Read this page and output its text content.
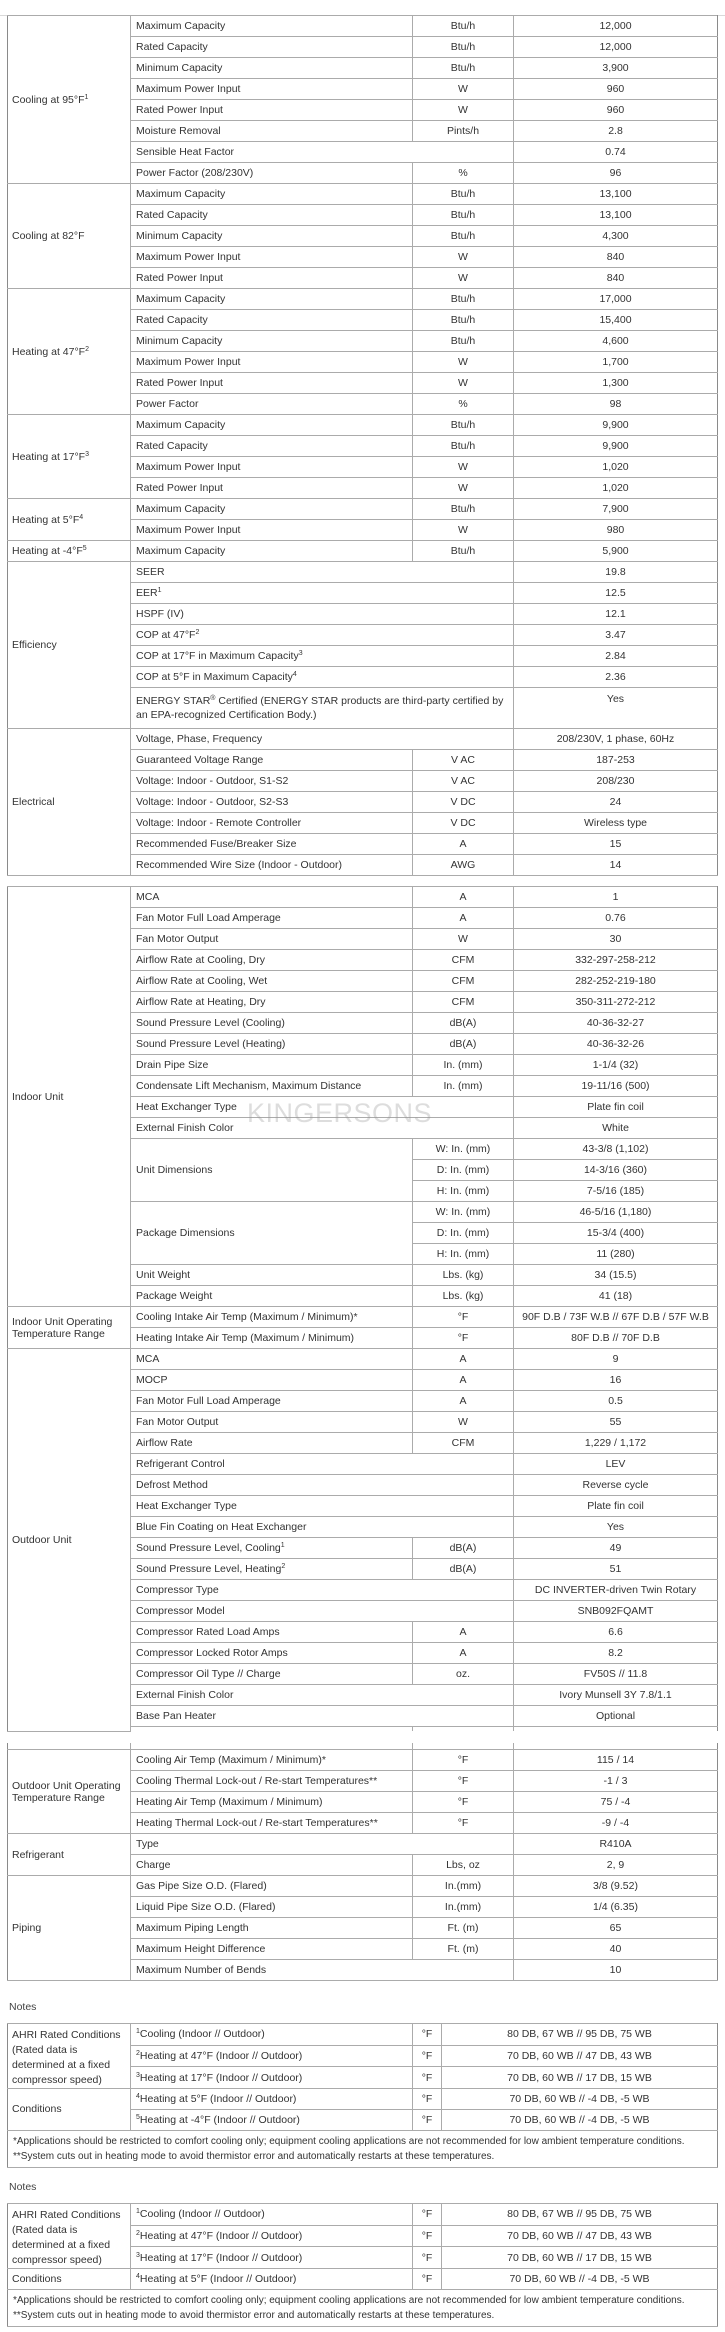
Cooling at $95^\circ F^1$	Maximum Capacity	Btu/h	12,000
	Rated Capacity	Btu/h	12,000
	Minimum Capacity	Btu/h	3,900
	Maximum Power Input	W	960
	Rated Power Input	W	960
	Moisture Removal	Pints/h	2.8
	Sensible Heat Factor		0.74
	Power Factor (208/230V)	%	96
Cooling at 82°F	Maximum Capacity	Btu/h	13,100
	Rated Capacity	Btu/h	13,100
	Minimum Capacity	Btu/h	4,300
	Maximum Power Input	W	840
	Rated Power Input	W	840
Heating at $47^\circ F^2$	Maximum Capacity	Btu/h	17,000
	Rated Capacity	Btu/h	15,400
	Minimum Capacity	Btu/h	4,600
	Maximum Power Input	W	1,700
	Rated Power Input	W	1,300
	Power Factor	%	98
Heating at $17^\circ F^3$	Maximum Capacity	Btu/h	9,900
	Rated Capacity	Btu/h	9,900
	Maximum Power Input	W	1,020
	Rated Power Input	W	1,020
Heating at $5^\circ F^4$	Maximum Capacity	Btu/h	7,900
	Maximum Power Input	W	980
Heating at $-4^\circ F^5$	Maximum Capacity	Btu/h	5,900
Efficiency	SEER		19.8
	EER$^1$		12.5
	HSPF (IV)		12.1
	COP at $47^\circ F^2$		3.47
	COP at 17°F in Maximum Capacity$^3$		2.84
	COP at 5°F in Maximum Capacity$^4$		2.36
	ENERGY STAR® Certified (ENERGY STAR products are third-party certified by an EPA-recognized Certification Body.)		Yes
Electrical	Voltage, Phase, Frequency		208/230V, 1 phase, 60Hz
	Guaranteed Voltage Range	V AC	187-253
	Voltage: Indoor - Outdoor, S1-S2	V AC	208/230
	Voltage: Indoor - Outdoor, S2-S3	V DC	24
	Voltage: Indoor - Remote Controller	V DC	Wireless type
	Recommended Fuse/Breaker Size	A	15
	Recommended Wire Size (Indoor - Outdoor)	AWG	14
Indoor Unit	MCA	A	1
	Fan Motor Full Load Amperage	A	0.76
	Fan Motor Output	W	30
	Airflow Rate at Cooling, Dry	CFM	332-297-258-212
	Airflow Rate at Cooling, Wet	CFM	282-252-219-180
	Airflow Rate at Heating, Dry	CFM	350-311-272-212
	Sound Pressure Level (Cooling)	dB(A)	40-36-32-27
	Sound Pressure Level (Heating)	dB(A)	40-36-32-26
	Drain Pipe Size	In. (mm)	1-1/4 (32)
	Condensate Lift Mechanism, Maximum Distance	In. (mm)	19-11/16 (500)
	Heat Exchanger Type		Plate fin coil
	External Finish Color		White
	Unit Dimensions	W: In. (mm)	43-3/8 (1,102)
		D: In. (mm)	14-3/16 (360)
		H: In. (mm)	7-5/16 (185)
	Package Dimensions	W: In. (mm)	46-5/16 (1,180)
		D: In. (mm)	15-3/4 (400)
		H: In. (mm)	11 (280)
	Unit Weight	Lbs. (kg)	34 (15.5)
	Package Weight	Lbs. (kg)	41 (18)
Indoor Unit Operating Temperature Range	Cooling Intake Air Temp (Maximum / Minimum)*	°F	90F D.B / 73F W.B // 67F D.B / 57F W.B
	Heating Intake Air Temp (Maximum / Minimum)	°F	80F D.B // 70F D.B
Outdoor Unit	MCA	A	9
	MOCP	A	16
	Fan Motor Full Load Amperage	A	0.5
	Fan Motor Output	W	55
	Airflow Rate	CFM	1,229 / 1,172
	Refrigerant Control		LEV
	Defrost Method		Reverse cycle
	Heat Exchanger Type		Plate fin coil
	Blue Fin Coating on Heat Exchanger		Yes
	Sound Pressure Level, Cooling$^1$	dB(A)	49
	Sound Pressure Level, Heating$^2$	dB(A)	51
	Compressor Type		DC INVERTER-driven Twin Rotary
	Compressor Model		SNB092FQAMT
	Compressor Rated Load Amps	A	6.6
	Compressor Locked Rotor Amps	A	8.2
	Compressor Oil Type // Charge	oz.	FV50S // 11.8
	External Finish Color		Ivory Munsell 3Y 7.8/1.1
	Base Pan Heater		Optional

Outdoor Unit Operating Temperature Range	Cooling Air Temp (Maximum / Minimum)*	°F	115 / 14
	Cooling Thermal Lock-out / Re-start Temperatures**	°F	-1 / 3
	Heating Air Temp (Maximum / Minimum)	°F	75 / -4
	Heating Thermal Lock-out / Re-start Temperatures**	°F	-9 / -4
Refrigerant	Type		R410A
	Charge	Lbs, oz	2, 9
Piping	Gas Pipe Size O.D. (Flared)	In.(mm)	3/8 (9.52)
	Liquid Pipe Size O.D. (Flared)	In.(mm)	1/4 (6.35)
	Maximum Piping Length	Ft. (m)	65
	Maximum Height Difference	Ft. (m)	40
	Maximum Number of Bends		10
Notes
AHRI Rated Conditions (Rated data is determined at a fixed compressor speed)	$^1$Cooling (Indoor // Outdoor)	°F	80 DB, 67 WB // 95 DB, 75 WB
	$^2$Heating at 47°F (Indoor // Outdoor)	°F	70 DB, 60 WB // 47 DB, 43 WB
	$^3$Heating at 17°F (Indoor // Outdoor)	°F	70 DB, 60 WB // 17 DB, 15 WB
Conditions	$^4$Heating at 5°F (Indoor // Outdoor)	°F	70 DB, 60 WB // -4 DB, -5 WB
	$^5$Heating at -4°F (Indoor // Outdoor)	°F	70 DB, 60 WB // -4 DB, -5 WB

*Applications should be restricted to comfort cooling only; equipment cooling applications are not recommended for low ambient temperature conditions.
**System cuts out in heating mode to avoid thermistor error and automatically restarts at these temperatures.			
Notes
AHRI Rated Conditions (Rated data is determined at a fixed compressor speed)	$^1$Cooling (Indoor // Outdoor)	°F	80 DB, 67 WB // 95 DB, 75 WB
	$^2$Heating at 47°F (Indoor // Outdoor)	°F	70 DB, 60 WB // 47 DB, 43 WB
	$^3$Heating at 17°F (Indoor // Outdoor)	°F	70 DB, 60 WB // 17 DB, 15 WB
Conditions	$^4$Heating at 5°F (Indoor // Outdoor)	°F	70 DB, 60 WB // -4 DB, -5 WB

*Applications should be restricted to comfort cooling only; equipment cooling applications are not recommended for low ambient temperature conditions.
**System cuts out in heating mode to avoid thermistor error and automatically restarts at these temperatures.			
KINGERSONS
